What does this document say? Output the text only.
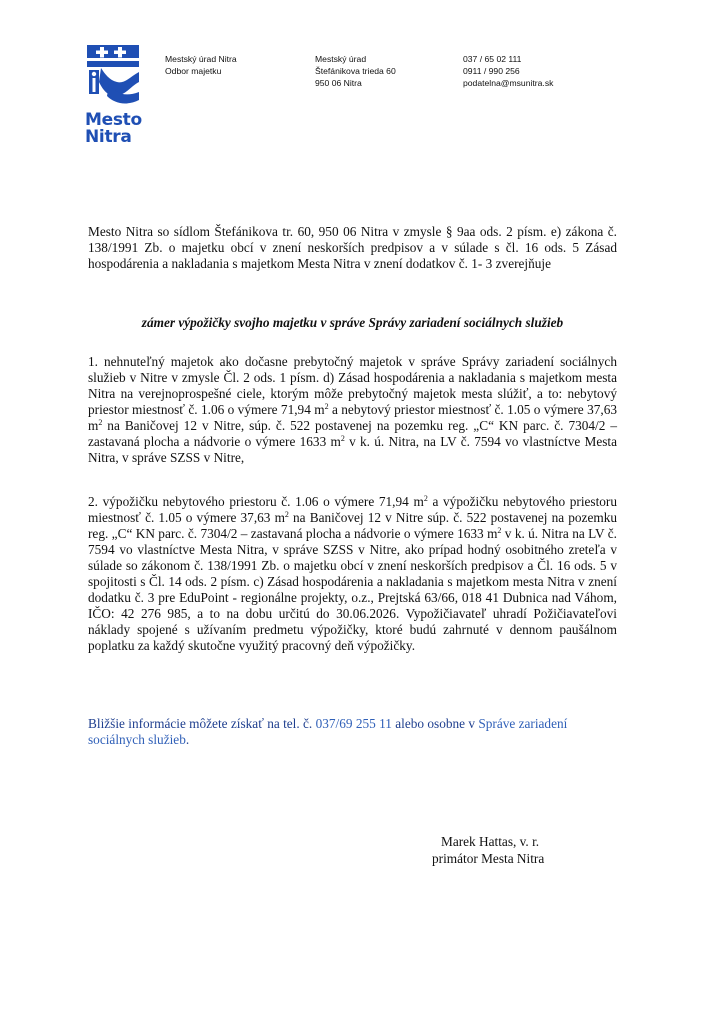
Mesto
Nitra
Mestský úrad Nitra
Odbor majetku
Mestský úrad
Štefánikova trieda 60
950 06 Nitra
037 / 65 02 111
0911 / 990 256
podatelna@msunitra.sk
Mesto Nitra so sídlom Štefánikova tr. 60, 950 06 Nitra v zmysle § 9aa ods. 2 písm. e) zákona č. 138/1991 Zb. o majetku obcí v znení neskorších predpisov a v súlade s čl. 16 ods. 5 Zásad hospodárenia a nakladania s majetkom Mesta Nitra v znení dodatkov č. 1- 3 zverejňuje
zámer výpožičky svojho majetku v správe Správy zariadení sociálnych služieb
1. nehnuteľný majetok ako dočasne prebytočný majetok v správe Správy zariadení sociálnych služieb v Nitre v zmysle Čl. 2 ods. 1 písm. d) Zásad hospodárenia a nakladania s majetkom mesta Nitra na verejnoprospešné ciele, ktorým môže prebytočný majetok mesta slúžiť, a to: nebytový priestor miestnosť č. 1.06 o výmere 71,94 $m^2$ a nebytový priestor miestnosť č. 1.05 o výmere 37,63 $m^2$ na Baničovej 12 v Nitre, súp. č. 522 postavenej na pozemku reg. „C“ KN parc. č. 7304/2 – zastavaná plocha a nádvorie o výmere 1633 $m^2$ v k. ú. Nitra, na LV č. 7594 vo vlastníctve Mesta Nitra, v správe SZSS v Nitre,
2. výpožičku nebytového priestoru č. 1.06 o výmere 71,94 $m^2$ a výpožičku nebytového priestoru miestnosť č. 1.05 o výmere 37,63 $m^2$ na Baničovej 12 v Nitre súp. č. 522 postavenej na pozemku reg. „C“ KN parc. č. 7304/2 – zastavaná plocha a nádvorie o výmere 1633 $m^2$ v k. ú. Nitra na LV č. 7594 vo vlastníctve Mesta Nitra, v správe SZSS v Nitre, ako prípad hodný osobitného zreteľa v súlade so zákonom č. 138/1991 Zb. o majetku obcí v znení neskorších predpisov a Čl. 16 ods. 5 v spojitosti s Čl. 14 ods. 2 písm. c) Zásad hospodárenia a nakladania s majetkom mesta Nitra v znení dodatku č. 3 pre EduPoint - regionálne projekty, o.z., Prejtská 63/66, 018 41 Dubnica nad Váhom, IČO: 42 276 985, a to na dobu určitú do 30.06.2026. Vypožičiavateľ uhradí Požičiavateľovi náklady spojené s užívaním predmetu výpožičky, ktoré budú zahrnuté v dennom paušálnom poplatku za každý skutočne využitý pracovný deň výpožičky.
Bližšie informácie môžete získať na tel. č. 037/69 255 11 alebo osobne v Správe zariadení sociálnych služieb.
Marek Hattas, v. r.
primátor Mesta Nitra
